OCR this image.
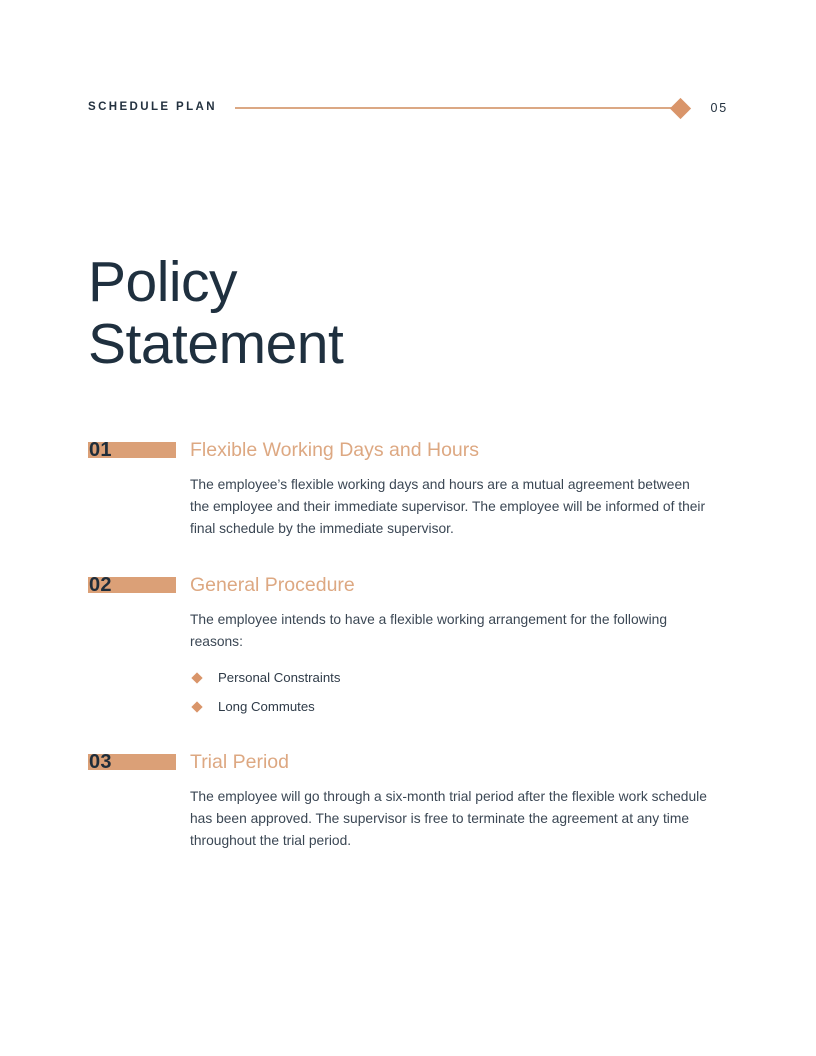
SCHEDULE PLAN	05
Policy
Statement
01	Flexible Working Days and Hours

The employee’s flexible working days and hours are a mutual agreement between the employee and their immediate supervisor. The employee will be informed of their final schedule by the immediate supervisor.

02	General Procedure

The employee intends to have a flexible working arrangement for the following reasons:

Personal Constraints
Long Commutes
03	Trial Period

The employee will go through a six-month trial period after the flexible work schedule has been approved. The supervisor is free to terminate the agreement at any time throughout the trial period.
